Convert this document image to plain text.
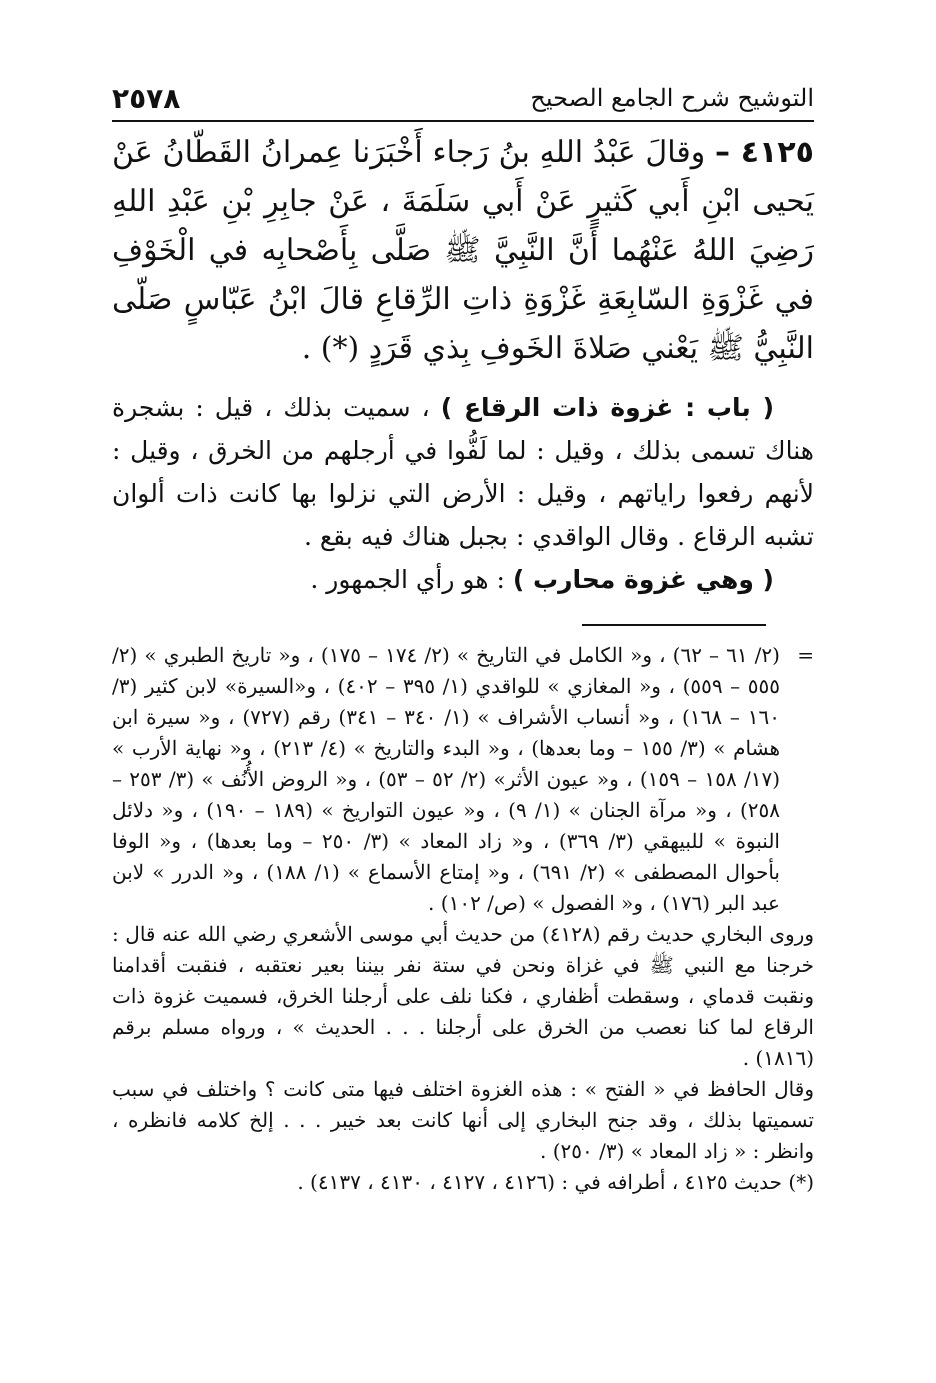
٢٥٧٨	التوشيح شرح الجامع الصحيح
٤١٢٥ – وقالَ عَبْدُ اللهِ بنُ رَجاء أَخْبَرَنا عِمرانُ القَطّانُ عَنْ يَحيى ابْنِ أَبي كَثيرٍ عَنْ أَبي سَلَمَةَ ، عَنْ جابِرِ بْنِ عَبْدِ اللهِ رَضِيَ اللهُ عَنْهُما أَنَّ النَّبِيَّ ﷺ صَلَّى بِأَصْحابِه في الْخَوْفِ في غَزْوَةِ السّابِعَةِ غَزْوَةِ ذاتِ الرِّقاعِ قالَ ابْنُ عَبّاسٍ صَلّى النَّبِيُّ ﷺ يَعْني صَلاةَ الخَوفِ بِذي قَرَدٍ (*) .

( باب : غزوة ذات الرقاع ) ، سميت بذلك ، قيل : بشجرة هناك تسمى بذلك ، وقيل : لما لَفُّوا في أرجلهم من الخرق ، وقيل : لأنهم رفعوا راياتهم ، وقيل : الأرض التي نزلوا بها كانت ذات ألوان تشبه الرقاع . وقال الواقدي : بجبل هناك فيه بقع .

( وهي غزوة محارب ) : هو رأي الجمهور .

=
(٢/ ٦١ – ٦٢) ، و« الكامل في التاريخ » (٢/ ١٧٤ – ١٧٥) ، و« تاريخ الطبري » (٢/ ٥٥٥ – ٥٥٩) ، و« المغازي » للواقدي (١/ ٣٩٥ – ٤٠٢) ، و«السيرة» لابن كثير (٣/ ١٦٠ – ١٦٨) ، و« أنساب الأشراف » (١/ ٣٤٠ – ٣٤١) رقم (٧٢٧) ، و« سيرة ابن هشام » (٣/ ١٥٥ – وما بعدها) ، و« البدء والتاريخ » (٤/ ٢١٣) ، و« نهاية الأرب » (١٧/ ١٥٨ – ١٥٩) ، و« عيون الأثر» (٢/ ٥٢ – ٥٣) ، و« الروض الأُنُف » (٣/ ٢٥٣ – ٢٥٨) ، و« مرآة الجنان » (١/ ٩) ، و« عيون التواريخ » (١٨٩ – ١٩٠) ، و« دلائل النبوة » للبيهقي (٣/ ٣٦٩) ، و« زاد المعاد » (٣/ ٢٥٠ – وما بعدها) ، و« الوفا بأحوال المصطفى » (٢/ ٦٩١) ، و« إمتاع الأسماع » (١/ ١٨٨) ، و« الدرر » لابن عبد البر (١٧٦) ، و« الفصول » (ص/ ١٠٢) .

وروى البخاري حديث رقم (٤١٢٨) من حديث أبي موسى الأشعري رضي الله عنه قال : خرجنا مع النبي ﷺ في غزاة ونحن في ستة نفر بيننا بعير نعتقبه ، فنقبت أقدامنا ونقبت قدماي ، وسقطت أظفاري ، فكنا نلف على أرجلنا الخرق، فسميت غزوة ذات الرقاع لما كنا نعصب من الخرق على أرجلنا . . . الحديث » ، ورواه مسلم برقم (١٨١٦) .

وقال الحافظ في « الفتح » : هذه الغزوة اختلف فيها متى كانت ؟ واختلف في سبب تسميتها بذلك ، وقد جنح البخاري إلى أنها كانت بعد خيبر . . . إلخ كلامه فانظره ، وانظر : « زاد المعاد » (٣/ ٢٥٠) .

(*) حديث ٤١٢٥ ، أطرافه في : (٤١٢٦ ، ٤١٢٧ ، ٤١٣٠ ، ٤١٣٧) .
